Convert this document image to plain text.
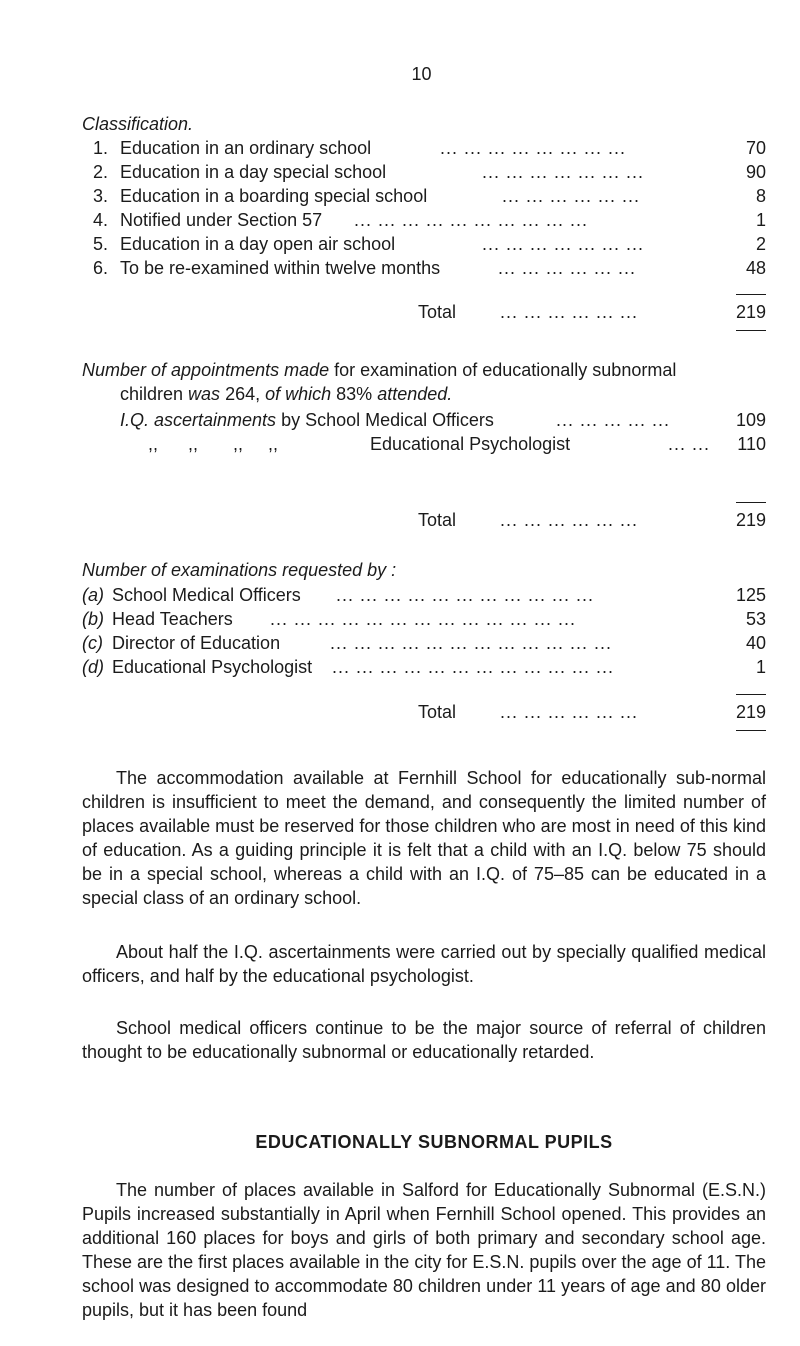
10
Classification.
1. Education in an ordinary school	... ... ... ... ... ... ... ...	70
2. Education in a day special school	... ... ... ... ... ... ...	90
3. Education in a boarding special school	... ... ... ... ... ...	8
4. Notified under Section 57 ... ... ... ... ... ... ... ... ... ...	1
5. Education in a day open air school	... ... ... ... ... ... ...	2
6. To be re-examined within twelve months	... ... ... ... ... ...	48
Total ... ... ... ... ... ...	219
Number of appointments made for examination of educationally subnormal
children was 264, of which 83% attended.
I.Q. ascertainments by School Medical Officers	... ... ... ... ...	109
,,      ,,       ,,     ,,	Educational Psychologist	... ... 110
Total ... ... ... ... ... ...	219
Number of examinations requested by :
(a) School Medical Officers ... ... ... ... ... ... ... ... ... ... ...	125
(b) Head Teachers ... ... ... ... ... ... ... ... ... ... ... ... ...	53
(c) Director of Education	... ... ... ... ... ... ... ... ... ... ... ...	40
(d) Educational Psychologist ... ... ... ... ... ... ... ... ... ... ... ...	1
Total ... ... ... ... ... ...	219

The accommodation available at Fernhill School for educationally sub-normal children is insufficient to meet the demand, and consequently the limited number of places available must be reserved for those children who are most in need of this kind of education. As a guiding principle it is felt that a child with an I.Q. below 75 should be in a special school, whereas a child with an I.Q. of 75–85 can be educated in a special class of an ordinary school.

About half the I.Q. ascertainments were carried out by specially qualified medical officers, and half by the educational psychologist.

School medical officers continue to be the major source of referral of children thought to be educationally subnormal or educationally retarded.

EDUCATIONALLY SUBNORMAL PUPILS

The number of places available in Salford for Educationally Subnormal (E.S.N.) Pupils increased substantially in April when Fernhill School opened. This provides an additional 160 places for boys and girls of both primary and secondary school age. These are the first places available in the city for E.S.N. pupils over the age of 11. The school was designed to accommodate 80 children under 11 years of age and 80 older pupils, but it has been found
